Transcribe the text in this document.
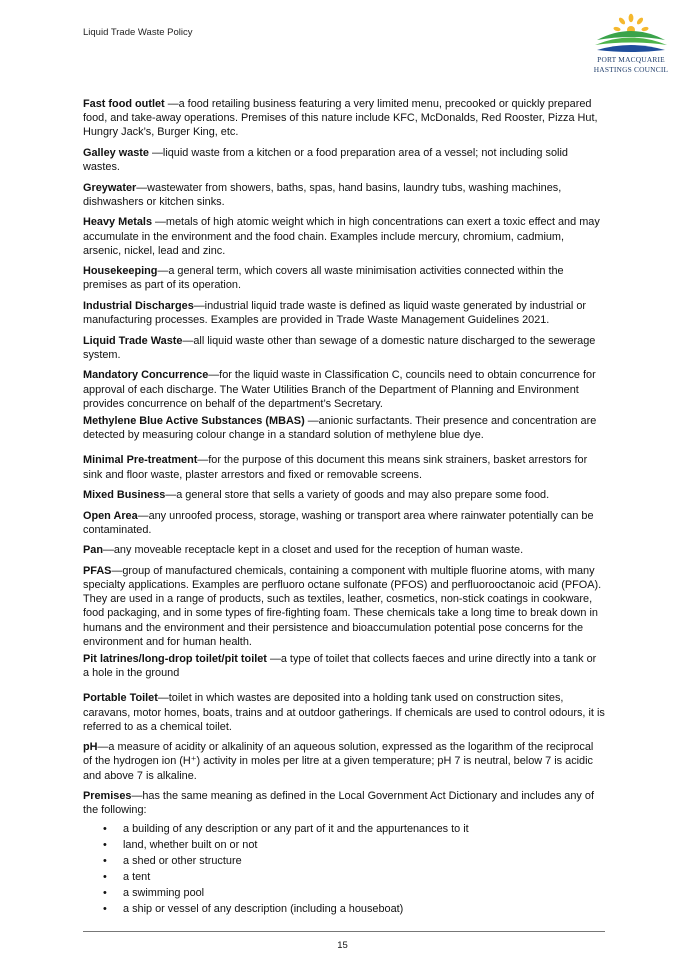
Liquid Trade Waste Policy
PORT MACQUARIE
HASTINGS COUNCIL

Fast food outlet —a food retailing business featuring a very limited menu, precooked or quickly prepared food, and take-away operations. Premises of this nature include KFC, McDonalds, Red Rooster, Pizza Hut, Hungry Jack’s, Burger King, etc.

Galley waste —liquid waste from a kitchen or a food preparation area of a vessel; not including solid wastes.

Greywater—wastewater from showers, baths, spas, hand basins, laundry tubs, washing machines, dishwashers or kitchen sinks.

Heavy Metals —metals of high atomic weight which in high concentrations can exert a toxic effect and may accumulate in the environment and the food chain. Examples include mercury, chromium, cadmium, arsenic, nickel, lead and zinc.

Housekeeping—a general term, which covers all waste minimisation activities connected within the premises as part of its operation.

Industrial Discharges—industrial liquid trade waste is defined as liquid waste generated by industrial or manufacturing processes. Examples are provided in Trade Waste Management Guidelines 2021.

Liquid Trade Waste—all liquid waste other than sewage of a domestic nature discharged to the sewerage system.

Mandatory Concurrence—for the liquid waste in Classification C, councils need to obtain concurrence for approval of each discharge. The Water Utilities Branch of the Department of Planning and Environment provides concurrence on behalf of the department’s Secretary.

Methylene Blue Active Substances (MBAS) —anionic surfactants. Their presence and concentration are detected by measuring colour change in a standard solution of methylene blue dye.

Minimal Pre-treatment—for the purpose of this document this means sink strainers, basket arrestors for sink and floor waste, plaster arrestors and fixed or removable screens.

Mixed Business—a general store that sells a variety of goods and may also prepare some food.

Open Area—any unroofed process, storage, washing or transport area where rainwater potentially can be contaminated.

Pan—any moveable receptacle kept in a closet and used for the reception of human waste.

PFAS—group of manufactured chemicals, containing a component with multiple fluorine atoms, with many specialty applications. Examples are perfluoro octane sulfonate (PFOS) and perfluorooctanoic acid (PFOA). They are used in a range of products, such as textiles, leather, cosmetics, non-stick coatings in cookware, food packaging, and in some types of fire-fighting foam. These chemicals take a long time to break down in humans and the environment and their persistence and bioaccumulation potential pose concerns for the environment and for human health.

Pit latrines/long-drop toilet/pit toilet —a type of toilet that collects faeces and urine directly into a tank or a hole in the ground

Portable Toilet—toilet in which wastes are deposited into a holding tank used on construction sites, caravans, motor homes, boats, trains and at outdoor gatherings. If chemicals are used to control odours, it is referred to as a chemical toilet.

pH—a measure of acidity or alkalinity of an aqueous solution, expressed as the logarithm of the reciprocal of the hydrogen ion (H⁺) activity in moles per litre at a given temperature; pH 7 is neutral, below 7 is acidic and above 7 is alkaline.

Premises—has the same meaning as defined in the Local Government Act Dictionary and includes any of the following:

• a building of any description or any part of it and the appurtenances to it
• land, whether built on or not
• a shed or other structure
• a tent
• a swimming pool
• a ship or vessel of any description (including a houseboat)
15
